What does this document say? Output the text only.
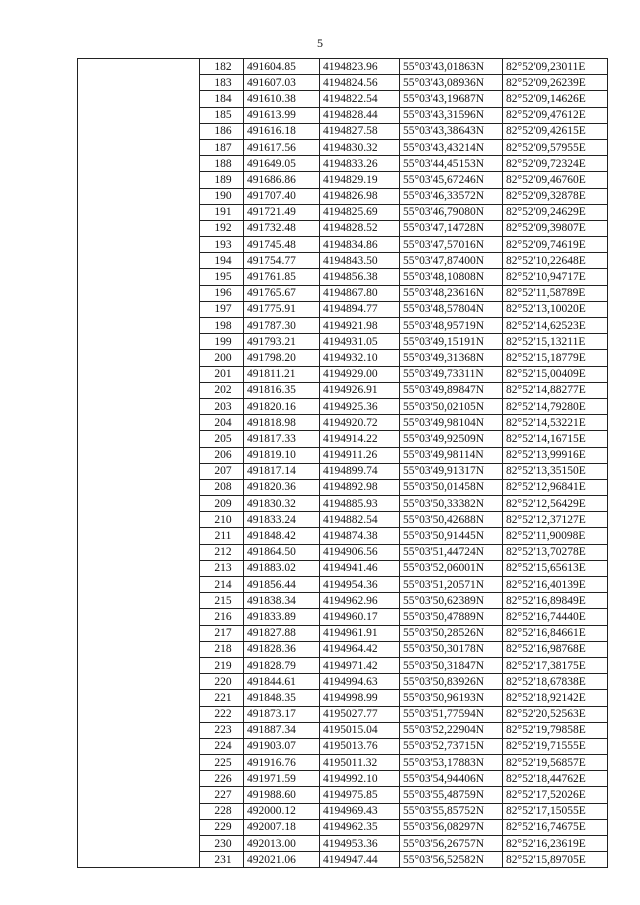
5
	182	491604.85	4194823.96	55°03'43,01863N	82°52'09,23011E
	183	491607.03	4194824.56	55°03'43,08936N	82°52'09,26239E
	184	491610.38	4194822.54	55°03'43,19687N	82°52'09,14626E
	185	491613.99	4194828.44	55°03'43,31596N	82°52'09,47612E
	186	491616.18	4194827.58	55°03'43,38643N	82°52'09,42615E
	187	491617.56	4194830.32	55°03'43,43214N	82°52'09,57955E
	188	491649.05	4194833.26	55°03'44,45153N	82°52'09,72324E
	189	491686.86	4194829.19	55°03'45,67246N	82°52'09,46760E
	190	491707.40	4194826.98	55°03'46,33572N	82°52'09,32878E
	191	491721.49	4194825.69	55°03'46,79080N	82°52'09,24629E
	192	491732.48	4194828.52	55°03'47,14728N	82°52'09,39807E
	193	491745.48	4194834.86	55°03'47,57016N	82°52'09,74619E
	194	491754.77	4194843.50	55°03'47,87400N	82°52'10,22648E
	195	491761.85	4194856.38	55°03'48,10808N	82°52'10,94717E
	196	491765.67	4194867.80	55°03'48,23616N	82°52'11,58789E
	197	491775.91	4194894.77	55°03'48,57804N	82°52'13,10020E
	198	491787.30	4194921.98	55°03'48,95719N	82°52'14,62523E
	199	491793.21	4194931.05	55°03'49,15191N	82°52'15,13211E
	200	491798.20	4194932.10	55°03'49,31368N	82°52'15,18779E
	201	491811.21	4194929.00	55°03'49,73311N	82°52'15,00409E
	202	491816.35	4194926.91	55°03'49,89847N	82°52'14,88277E
	203	491820.16	4194925.36	55°03'50,02105N	82°52'14,79280E
	204	491818.98	4194920.72	55°03'49,98104N	82°52'14,53221E
	205	491817.33	4194914.22	55°03'49,92509N	82°52'14,16715E
	206	491819.10	4194911.26	55°03'49,98114N	82°52'13,99916E
	207	491817.14	4194899.74	55°03'49,91317N	82°52'13,35150E
	208	491820.36	4194892.98	55°03'50,01458N	82°52'12,96841E
	209	491830.32	4194885.93	55°03'50,33382N	82°52'12,56429E
	210	491833.24	4194882.54	55°03'50,42688N	82°52'12,37127E
	211	491848.42	4194874.38	55°03'50,91445N	82°52'11,90098E
	212	491864.50	4194906.56	55°03'51,44724N	82°52'13,70278E
	213	491883.02	4194941.46	55°03'52,06001N	82°52'15,65613E
	214	491856.44	4194954.36	55°03'51,20571N	82°52'16,40139E
	215	491838.34	4194962.96	55°03'50,62389N	82°52'16,89849E
	216	491833.89	4194960.17	55°03'50,47889N	82°52'16,74440E
	217	491827.88	4194961.91	55°03'50,28526N	82°52'16,84661E
	218	491828.36	4194964.42	55°03'50,30178N	82°52'16,98768E
	219	491828.79	4194971.42	55°03'50,31847N	82°52'17,38175E
	220	491844.61	4194994.63	55°03'50,83926N	82°52'18,67838E
	221	491848.35	4194998.99	55°03'50,96193N	82°52'18,92142E
	222	491873.17	4195027.77	55°03'51,77594N	82°52'20,52563E
	223	491887.34	4195015.04	55°03'52,22904N	82°52'19,79858E
	224	491903.07	4195013.76	55°03'52,73715N	82°52'19,71555E
	225	491916.76	4195011.32	55°03'53,17883N	82°52'19,56857E
	226	491971.59	4194992.10	55°03'54,94406N	82°52'18,44762E
	227	491988.60	4194975.85	55°03'55,48759N	82°52'17,52026E
	228	492000.12	4194969.43	55°03'55,85752N	82°52'17,15055E
	229	492007.18	4194962.35	55°03'56,08297N	82°52'16,74675E
	230	492013.00	4194953.36	55°03'56,26757N	82°52'16,23619E
	231	492021.06	4194947.44	55°03'56,52582N	82°52'15,89705E
